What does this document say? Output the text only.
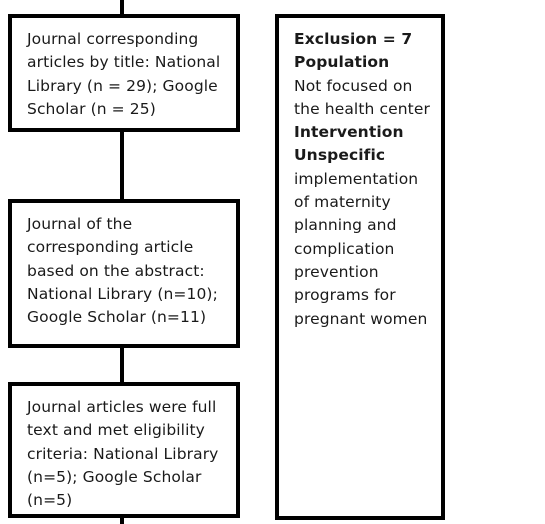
Journal corresponding articles by title: National Library (n = 29); Google Scholar (n = 25)
Journal of the corresponding article based on the abstract: National Library (n=10); Google Scholar (n=11)
Journal articles were full text and met eligibility criteria: National Library (n=5); Google Scholar (n=5)
Exclusion = 7
Population
Not focused on the health center
Intervention Unspecific
implementation of maternity planning and complication prevention programs for pregnant women
